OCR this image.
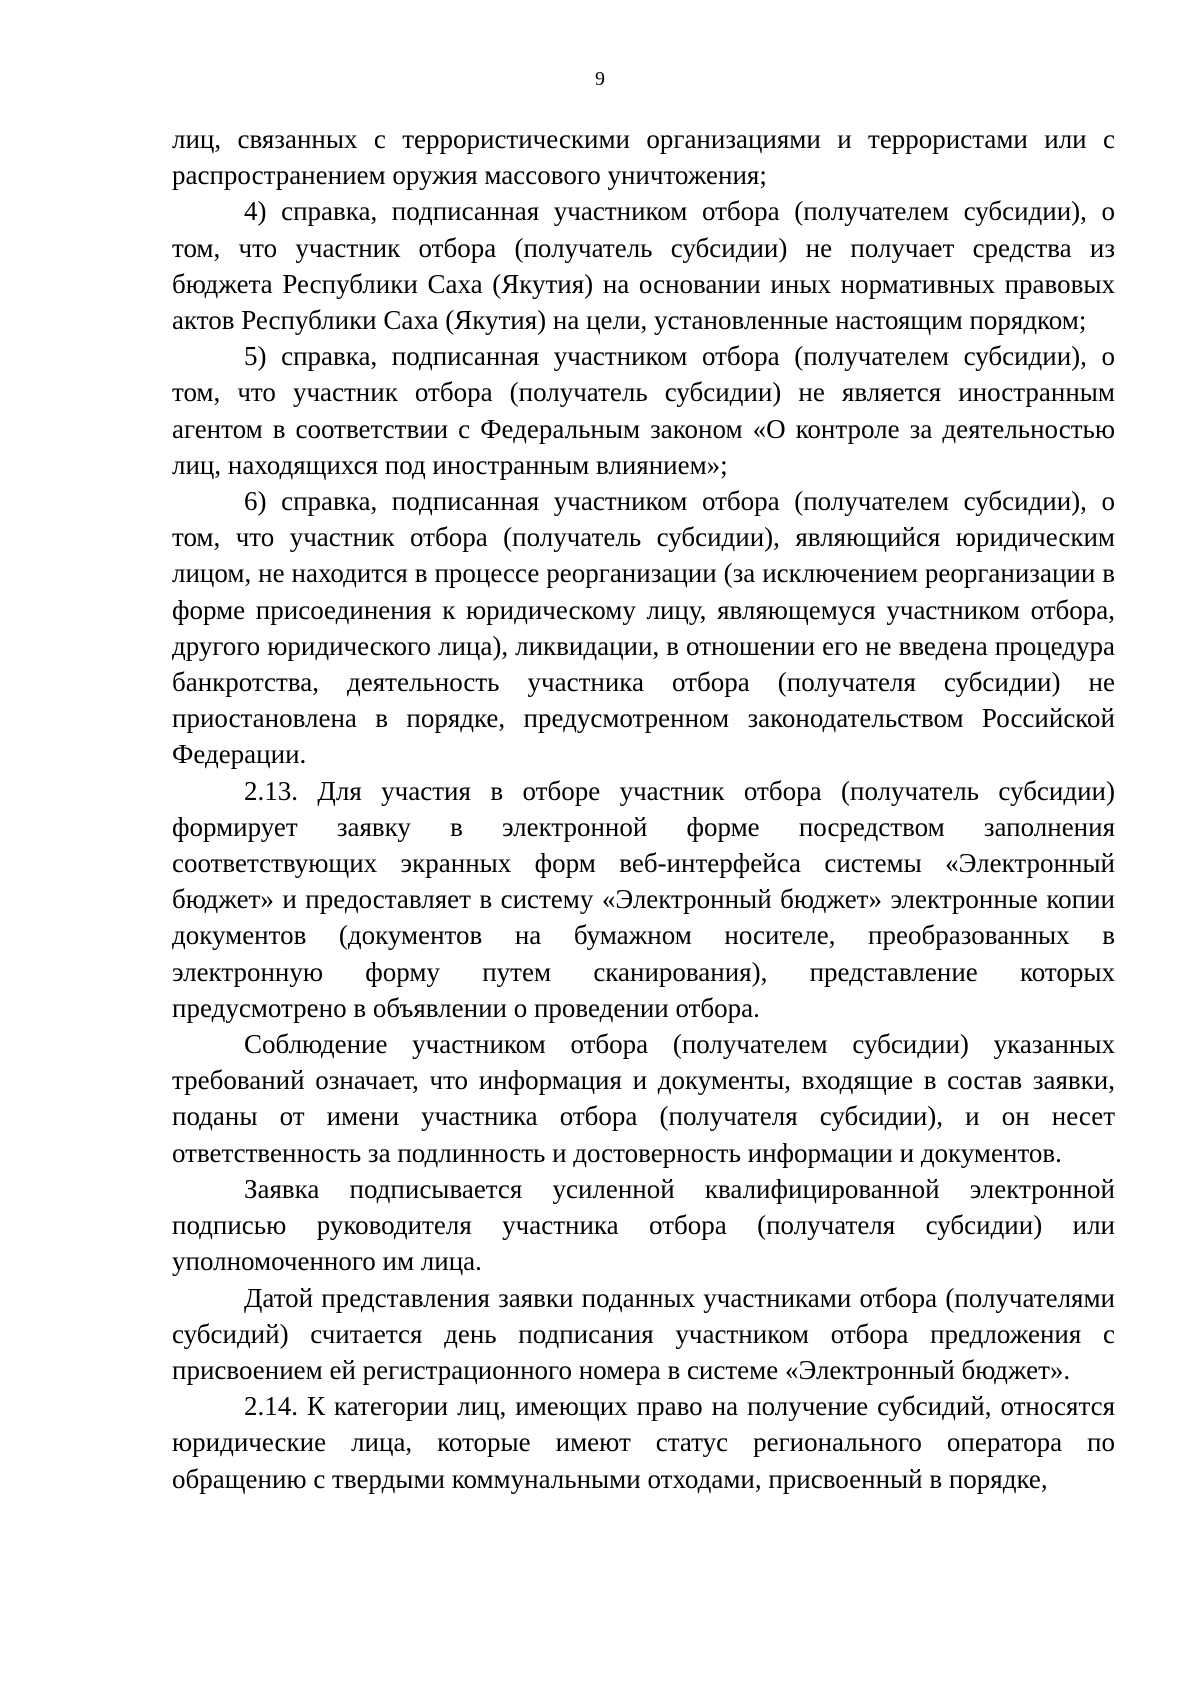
9

лиц, связанных с террористическими организациями и террористами или с распространением оружия массового уничтожения;

4) справка, подписанная участником отбора (получателем субсидии), о том, что участник отбора (получатель субсидии) не получает средства из бюджета Республики Саха (Якутия) на основании иных нормативных правовых актов Республики Саха (Якутия) на цели, установленные настоящим порядком;

5) справка, подписанная участником отбора (получателем субсидии), о том, что участник отбора (получатель субсидии) не является иностранным агентом в соответствии с Федеральным законом «О контроле за деятельностью лиц, находящихся под иностранным влиянием»;

6) справка, подписанная участником отбора (получателем субсидии), о том, что участник отбора (получатель субсидии), являющийся юридическим лицом, не находится в процессе реорганизации (за исключением реорганизации в форме присоединения к юридическому лицу, являющемуся участником отбора, другого юридического лица), ликвидации, в отношении его не введена процедура банкротства, деятельность участника отбора (получателя субсидии) не приостановлена в порядке, предусмотренном законодательством Российской Федерации.

2.13. Для участия в отборе участник отбора (получатель субсидии) формирует заявку в электронной форме посредством заполнения соответствующих экранных форм веб-интерфейса системы «Электронный бюджет» и предоставляет в систему «Электронный бюджет» электронные копии документов (документов на бумажном носителе, преобразованных в электронную форму путем сканирования), представление которых предусмотрено в объявлении о проведении отбора.

Соблюдение участником отбора (получателем субсидии) указанных требований означает, что информация и документы, входящие в состав заявки, поданы от имени участника отбора (получателя субсидии), и он несет ответственность за подлинность и достоверность информации и документов.

Заявка подписывается усиленной квалифицированной электронной подписью руководителя участника отбора (получателя субсидии) или уполномоченного им лица.

Датой представления заявки поданных участниками отбора (получателями субсидий) считается день подписания участником отбора предложения с присвоением ей регистрационного номера в системе «Электронный бюджет».

2.14. К категории лиц, имеющих право на получение субсидий, относятся юридические лица, которые имеют статус регионального оператора по обращению с твердыми коммунальными отходами, присвоенный в порядке,
